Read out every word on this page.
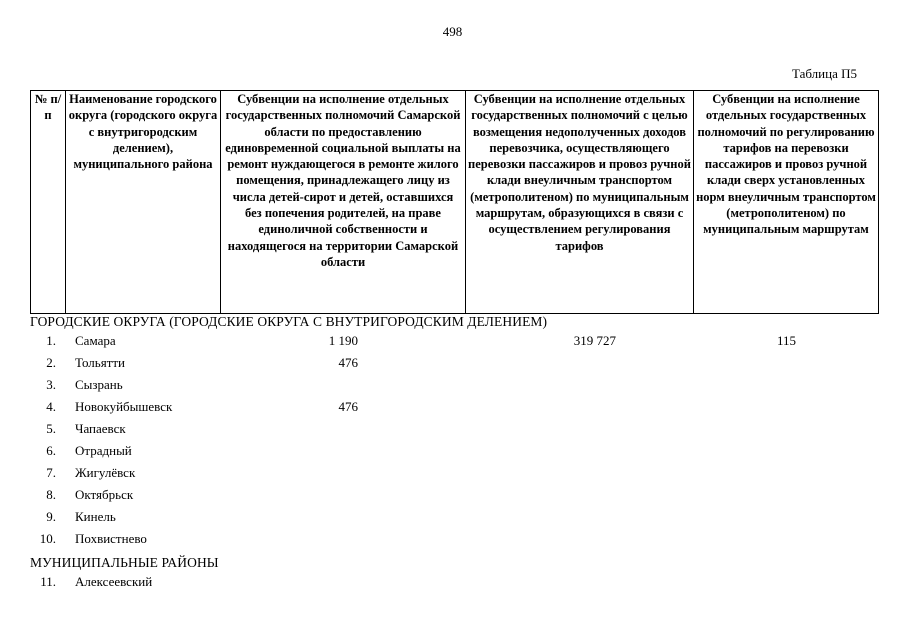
498
Таблица П5
№ п/п	Наименование городского округа (городского округа с внутригородским делением), муниципального района	Субвенции на исполнение отдельных государственных полномочий Самарской области по предоставлению единовременной социальной выплаты на ремонт нуждающегося в ремонте жилого помещения, принадлежащего лицу из числа детей-сирот и детей, оставшихся без попечения родителей, на праве единоличной собственности и находящегося на территории Самарской области	Субвенции на исполнение отдельных государственных полномочий с целью возмещения недополученных доходов перевозчика, осуществляющего перевозки пассажиров и провоз ручной клади внеуличным транспортом (метрополитеном) по муниципальным маршрутам, образующихся в связи с осуществлением регулирования тарифов	Субвенции на исполнение отдельных государственных полномочий по регулированию тарифов на перевозки пассажиров и провоз ручной клади сверх установленных норм внеуличным транспортом (метрополитеном) по муниципальным маршрутам
ГОРОДСКИЕ ОКРУГА (ГОРОДСКИЕ ОКРУГА С ВНУТРИГОРОДСКИМ ДЕЛЕНИЕМ)
1. Самара	1 190	319 727	115
2. Тольятти	476
3. Сызрань
4. Новокуйбышевск	476
5. Чапаевск
6. Отрадный
7. Жигулёвск
8. Октябрьск
9. Кинель
10. Похвистнево
МУНИЦИПАЛЬНЫЕ РАЙОНЫ
11. Алексеевский
